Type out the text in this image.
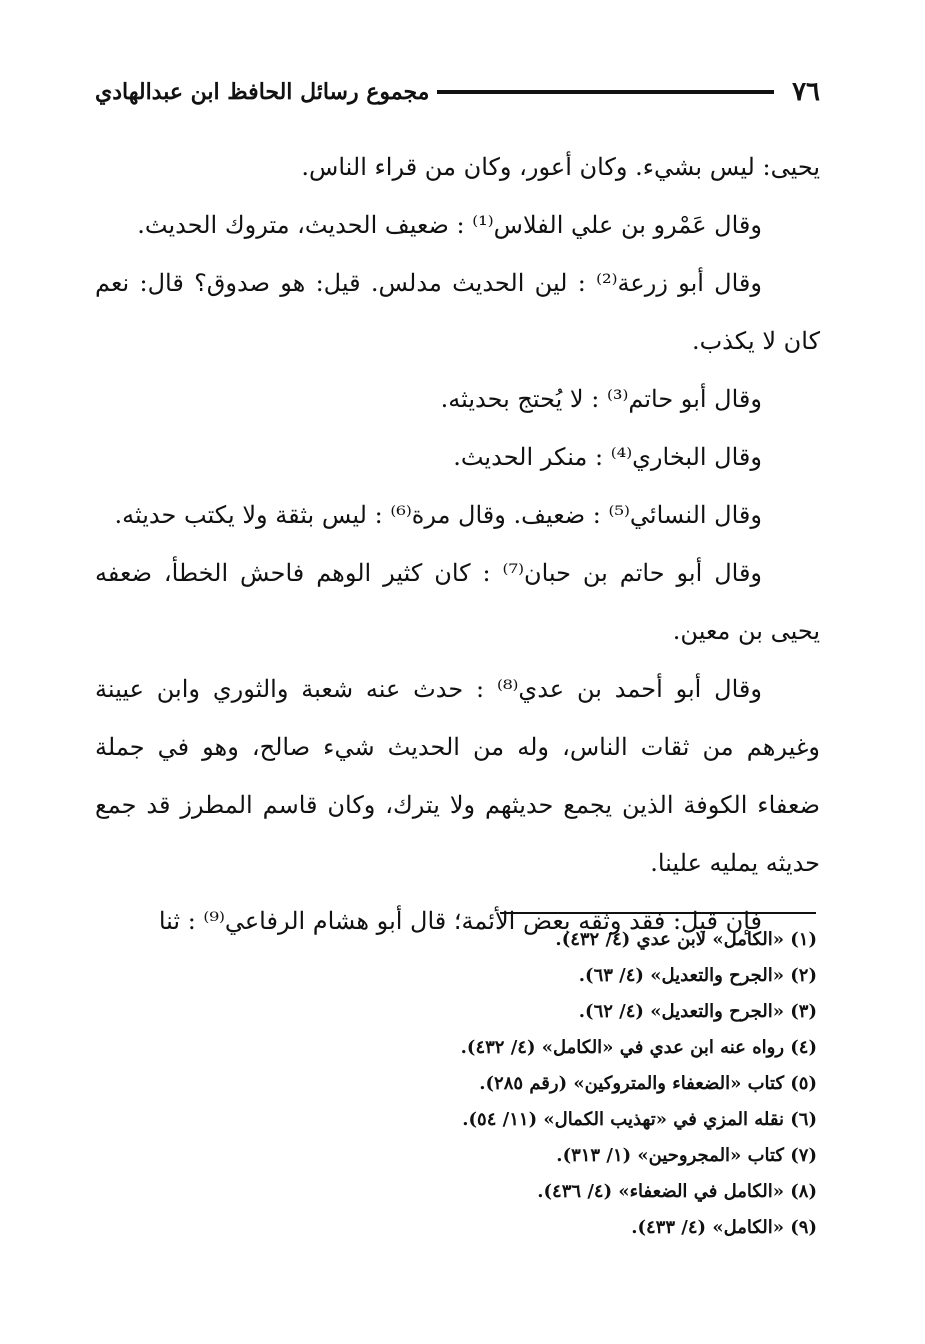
٧٦
مجموع رسائل الحافظ ابن عبدالهادي

يحيى: ليس بشيء. وكان أعور، وكان من قراء الناس.

وقال عَمْرو بن علي الفلاس⁽¹⁾ : ضعيف الحديث، متروك الحديث.

وقال أبو زرعة⁽²⁾ : لين الحديث مدلس. قيل: هو صدوق؟ قال: نعم كان لا يكذب.

وقال أبو حاتم⁽³⁾ : لا يُحتج بحديثه.

وقال البخاري⁽⁴⁾ : منكر الحديث.

وقال النسائي⁽⁵⁾ : ضعيف. وقال مرة⁽⁶⁾ : ليس بثقة ولا يكتب حديثه.

وقال أبو حاتم بن حبان⁽⁷⁾ : كان كثير الوهم فاحش الخطأ، ضعفه يحيى بن معين.

وقال أبو أحمد بن عدي⁽⁸⁾ : حدث عنه شعبة والثوري وابن عيينة وغيرهم من ثقات الناس، وله من الحديث شيء صالح، وهو في جملة ضعفاء الكوفة الذين يجمع حديثهم ولا يترك، وكان قاسم المطرز قد جمع حديثه يمليه علينا.

فإن قيل: فقد وثقه بعض الأئمة؛ قال أبو هشام الرفاعي⁽⁹⁾ : ثنا

(١) «الكامل» لابن عدي (٤/ ٤٣٢).

(٢) «الجرح والتعديل» (٤/ ٦٣).

(٣) «الجرح والتعديل» (٤/ ٦٢).

(٤) رواه عنه ابن عدي في «الكامل» (٤/ ٤٣٢).

(٥) كتاب «الضعفاء والمتروكين» (رقم ٢٨٥).

(٦) نقله المزي في «تهذيب الكمال» (١١/ ٥٤).

(٧) كتاب «المجروحين» (١/ ٣١٣).

(٨) «الكامل في الضعفاء» (٤/ ٤٣٦).

(٩) «الكامل» (٤/ ٤٣٣).
